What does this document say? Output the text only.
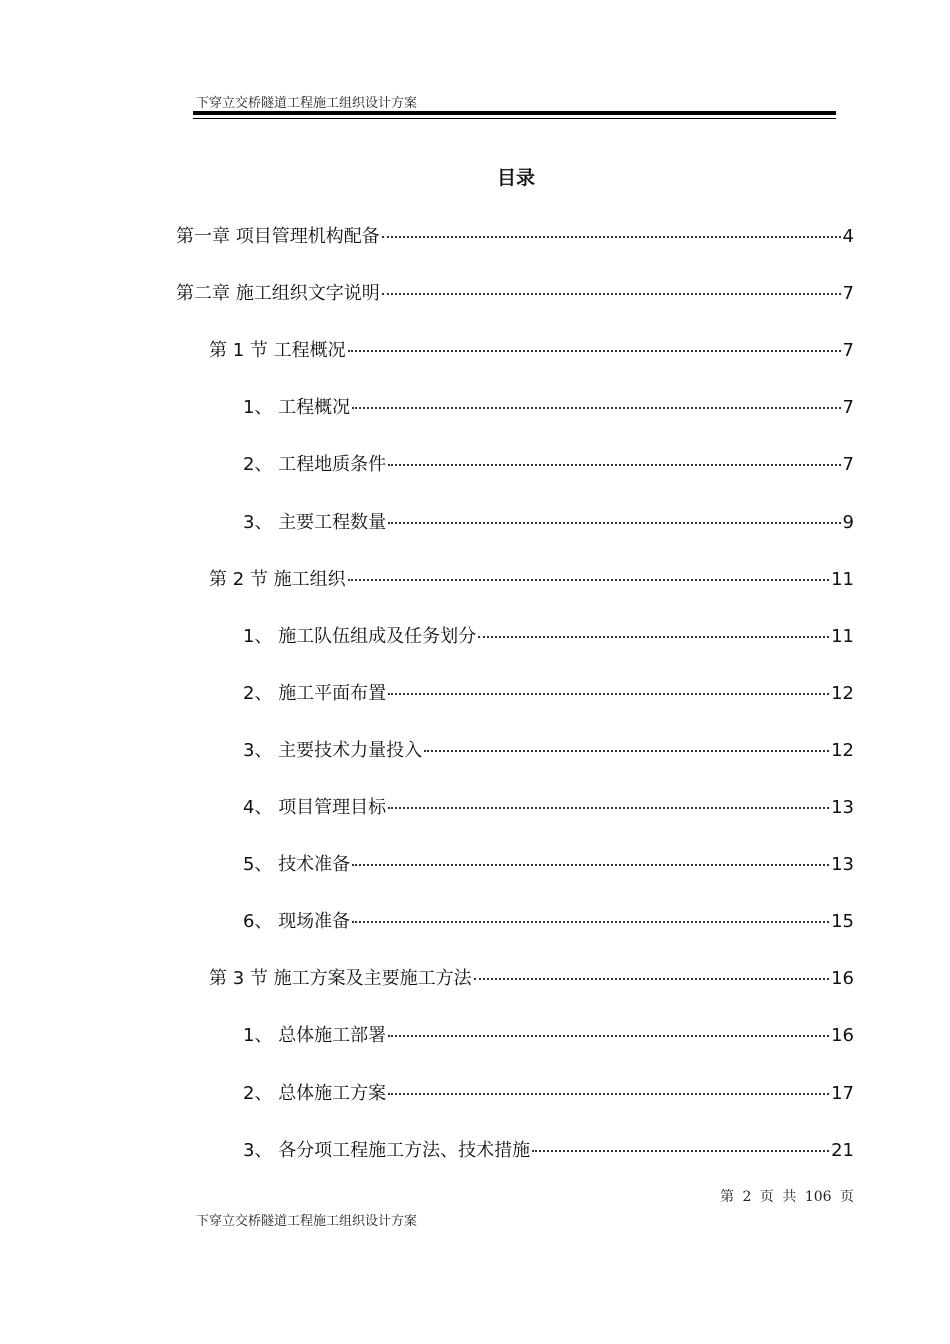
下穿立交桥隧道工程施工组织设计方案
目录
第一章 项目管理机构配备	4
第二章 施工组织文字说明	7
第 1 节 工程概况	7
1、 工程概况	7
2、 工程地质条件	7
3、 主要工程数量	9
第 2 节 施工组织	11
1、 施工队伍组成及任务划分	11
2、 施工平面布置	12
3、 主要技术力量投入	12
4、 项目管理目标	13
5、 技术准备	13
6、 现场准备	15
第 3 节 施工方案及主要施工方法	16
1、 总体施工部署	16
2、 总体施工方案	17
3、 各分项工程施工方法、技术措施	21
第 2 页 共 106 页
下穿立交桥隧道工程施工组织设计方案
